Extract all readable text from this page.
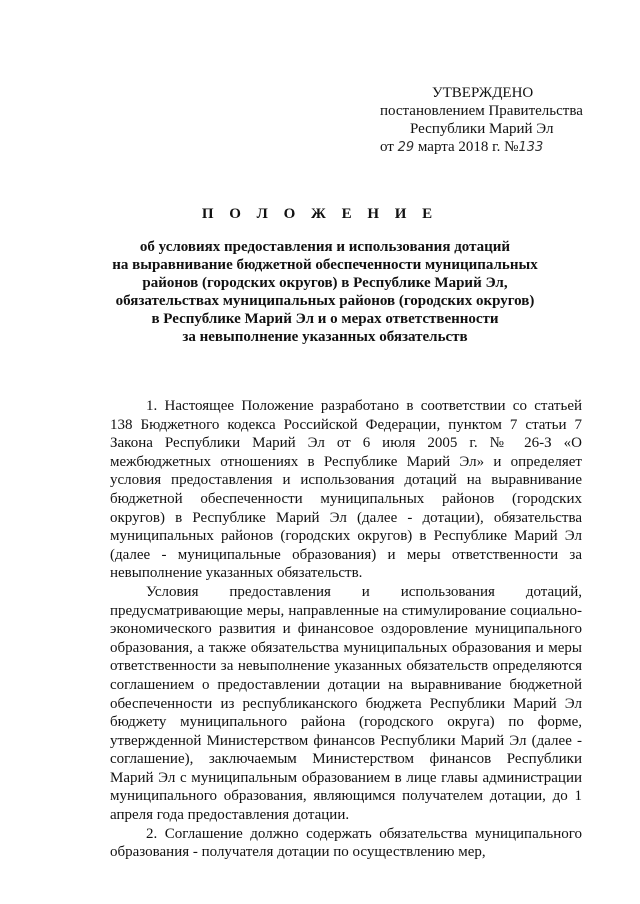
УТВЕРЖДЕНО
постановлением Правительства
Республики Марий Эл
от 29 марта 2018 г. №133
П О Л О Ж Е Н И Е
об условиях предоставления и использования дотаций
на выравнивание бюджетной обеспеченности муниципальных
районов (городских округов) в Республике Марий Эл,
обязательствах муниципальных районов (городских округов)
в Республике Марий Эл и о мерах ответственности
за невыполнение указанных обязательств

1. Настоящее Положение разработано в соответствии со статьей 138 Бюджетного кодекса Российской Федерации, пунктом 7 статьи 7 Закона Республики Марий Эл от 6 июля 2005 г. № 26-З «О межбюджетных отношениях в Республике Марий Эл» и определяет условия предоставления и использования дотаций на выравнивание бюджетной обеспеченности муниципальных районов (городских округов) в Республике Марий Эл (далее - дотации), обязательства муниципальных районов (городских округов) в Республике Марий Эл (далее - муниципальные образования) и меры ответственности за невыполнение указанных обязательств.

Условия предоставления и использования дотаций, предусматривающие меры, направленные на стимулирование социально-экономического развития и финансовое оздоровление муниципального образования, а также обязательства муниципальных образования и меры ответственности за невыполнение указанных обязательств определяются соглашением о предоставлении дотации на выравнивание бюджетной обеспеченности из республиканского бюджета Республики Марий Эл бюджету муниципального района (городского округа) по форме, утвержденной Министерством финансов Республики Марий Эл (далее - соглашение), заключаемым Министерством финансов Республики Марий Эл с муниципальным образованием в лице главы администрации муниципального образования, являющимся получателем дотации, до 1 апреля года предоставления дотации.

2. Соглашение должно содержать обязательства муниципального образования - получателя дотации по осуществлению мер,
